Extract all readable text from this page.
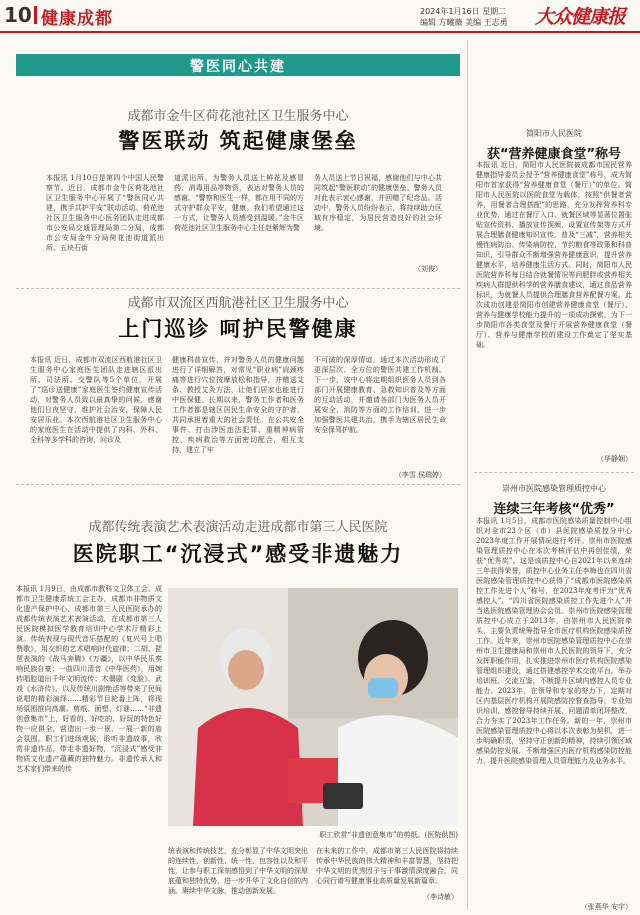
10 健康成都	2024年1月16日 星期二
编辑 方曦薇 美编 王志勇 大众健康报
警医同心共建
成都市金牛区荷花池社区卫生服务中心
警医联动 筑起健康堡垒
本报讯 1月10日是第四个中国人民警察节。近日，成都市金牛区荷花池社区卫生服务中心开展了“警医同心共建，携手共护平安”联动活动。荷花池社区卫生服务中心医务团队走进成都市公安局交通管理局第二分局，成都市公安局金牛分局荷花池街道派出所、五块石街
道派出所，为警务人员送上鲜花及感冒药、消毒用品等物资，表达对警务人员的感谢。“警察和医生一样，都在用不同的方式守护群众平安，健康。我们希望通过这一方式，让警务人员感受到温暖。”金牛区荷花池社区卫生服务中心主任赵紫辉为警
务人员送上节日祝福，感谢他们与中心共同筑起“警医联动”的健康堡垒。警务人员对此表示衷心感谢，并回赠了纪念品。活动中，警务人员纷纷表示，将持续助力区域有序稳定，为居民营造良好的社会环境。
（刘俊）
成都市双流区西航港社区卫生服务中心
上门巡诊 呵护民警健康
本报讯 近日，成都市双流区西航港社区卫生服务中心家庭医生团队走进辖区派出所、司法所、交警队等5个单位，开展了“巡诊送健康”家庭医生签约健康宣传活动，对警务人员致以最真挚的问候，感谢他们日夜坚守，维护社会治安，保障人民安居乐业。本次西航港社区卫生服务中心的家庭医生在活动中提供了内科、外科、全科等多学科的咨询，问诊及
健康科普宣传，并对警务人员的健康问题进行了详细解答，对常见“职业病”肩颈疼痛等进行穴位按摩放松和指导，并赠送艾条、教授艾灸方法，让他们居家也能进行中医保健。长期以来，警务工作者和医务工作者都是辖区居民生命安全的守护者，共同承担着重大的社会责任。在公共安全事件、打击涉医违法犯罪、重精神病管控、疾病救治等方面密切配合，相互支持，建立了牢
不可破的深厚情谊，通过本次活动形成了更深层次、全方位的警医共建工作机制。下一步，该中心将定期组织医务人员到各部门开展健康教育、急救知识普及等方面的互动活动，并邀请各部门为医务人员开展安全、消防等方面的工作培训，进一步加强警医共建共治，携手为辖区居民生命安全保驾护航。
（李雪 侯瑞婷）
成都传统表演艺术表演活动走进成都市第三人民医院
医院职工“沉浸式”感受非遗魅力
本报讯 1月9日，由成都市教科文卫体工会、成都市卫生健康系统工会主办，成都市非物质文化遗产保护中心、成都市第三人民医院承办的成都传统表演艺术表演活动，在成都市第三人民医院模拟医学教育培训中心学术厅精彩上演。传统表现与现代音乐搭配的《复兴号上唱赞歌》，用交织的艺术唱响时代旋律；二胡、琵琶表演的《战马奔腾》《万疆》，以中华民乐奏响民族自豪；一曲四川清音《中华医药》，用婉转唱腔道出千年文明流传；木偶剧《变脸》、武戏《水浒传》、以及传统川剧绝活等带来了民间说唱的精彩演绎……精彩节目轮番上阵，将现场氛围推向高潮。剪纸、面塑、灯谜……“非遗创意集市”上，好看的、好吃的、好玩的特色好物一应俱全，营造出一步一景、一展一新的庙会氛围。职工们进场观展，聆听非遗故事，欣赏非遗作品，带走非遗好物，“沉浸式”感受非物质文化遗产蕴藏的独特魅力。非遗传承人和艺术家们带来的传
职工欣赏“非遗创意集市”的剪纸。(医院供图)
统表演和传统技艺，充分彰显了中华文明突出的连续性、创新性、统一性、包容性以及和平性，让参与职工深刻感悟到了中华文明的深厚底蕴和独特优势，进一步升华了文化自信的内涵。赓续中华文脉，推动创新发展。
在未来的工作中，成都市第三人民医院将持续传承中华民族的伟大精神和丰富智慧，坚持把中华文明的优秀因子与干事激情深度融合，同心同行谱写健康事业高质量发展新篇章。
（李诗敏）
简阳市人民医院
获“营养健康食堂”称号
本报讯 近日，简阳市人民医院被成都市国民营养健康指导委员会授予“营养健康食堂”称号，成为简阳市首家获得“营养健康食堂（餐厅）”的单位。简阳市人民医院以医院食堂为载体，按照“供餐者营养，用餐者合理搭配”的思路，充分发挥营养科专业优势，通过在餐厅入口、就餐区域等显著位置张贴宣传资料、播放宣传视频、设置宣传架等方式开展合理膳食健康知识宣传，普及“三减”，营养相关慢性病防治、传染病防控、节约粮食等政策和科普知识，引导群众不断增强营养健康意识，提升营养健康水平，培养健康生活方式。同时，简阳市人民医院营养科每日结合就餐情况等问肥胖或营养相关疾病人群提供科学的营养膳食建议，通过食品营养标识，为就餐人员提供合理膳食营养配餐方案。此次成功创建是简阳市创建营养健康食堂（餐厅）、营养与健康学校能力提升的一项成功探索，为下一步简阳市各类食堂及餐厅开展营养健康食堂（餐厅）、营养与健康学校的建设工作奠定了坚实基础。
（华静娴）
崇州市医院感染管理质控中心
连续三年考核“优秀”
本报讯 1月5日，成都市医院感染质量控制中心组织对全市23个区（市）县医院感染质控分中心2023年度工作开展情况进行考评。崇州市医院感染管理质控中心在本次考核评估中再创佳绩，荣获“优秀奖”。这是该质控中心自2021年以来连续三年获得荣誉，质控中心业务主任李梅也在四川省医院感染管理质控中心获得了“成都市医院感染质控工作先进个人”称号，在2023年度考评为“优秀感控人”、“四川省医院感染质控工作先进个人”并当选医院感染管理协会会员。崇州市医院感染管理质控中心成立于2013年，由崇州市人民医院牵头，主要负责统筹指导全市医疗机构医院感染质控工作。近年来，崇州市医院感染管理质控中心在崇州市卫生健康局和崇州市人民医院的领导下，充分发挥职能作用，扎实推进崇州市医疗机构医院感染管理组织建设，通过搭建感控学术交流平台，举办培训班、交流互鉴，不断提升区域内感控人员专业能力。2023年，在领导和专家的努力下，定期对区内基层医疗机构开展院感防控督查指导，专业知识培训，感控督导持续开展，问题清单闭环整改，合力夯实了2023年工作任务。新的一年，崇州市医院感染管理质控中心将以本次表彰为契机，进一步明确职责，坚持守正创新的精神，持续引领区域感染防控发展，不断增强区内医疗机构感染防控能力，提升医院感染管理人员管理能力及业务水平。
（张燕华 安宇）
